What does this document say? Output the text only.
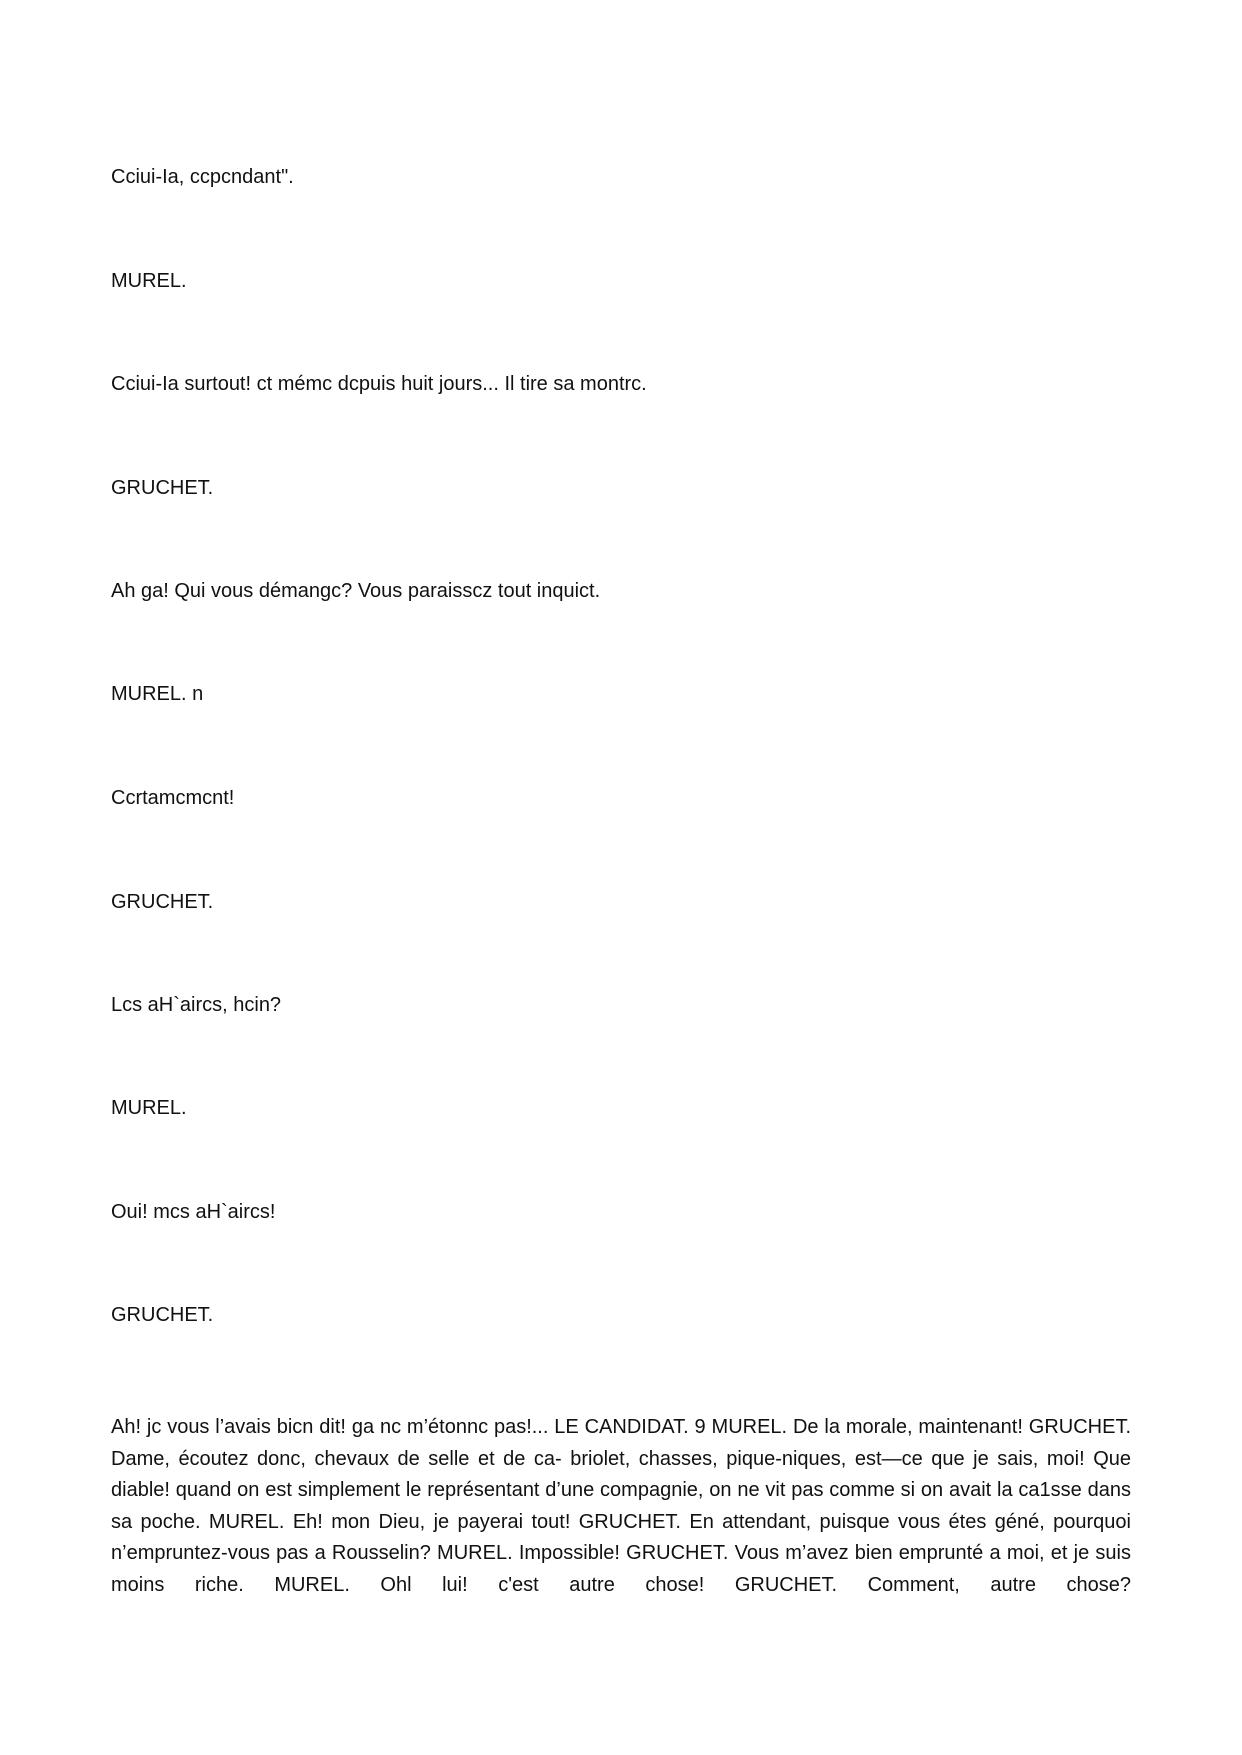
Cciui-Ia, ccpcndant".

MUREL.

Cciui-Ia surtout! ct mémc dcpuis huit jours... Il tire sa montrc.

GRUCHET.

Ah ga! Qui vous démangc? Vous paraisscz tout inquict.

MUREL. n

Ccrtamcmcnt!

GRUCHET.

Lcs aH`aircs, hcin?

MUREL.

Oui! mcs aH`aircs!

GRUCHET.

Ah! jc vous l’avais bicn dit! ga nc m’étonnc pas!... LE CANDIDAT. 9 MUREL. De la morale, maintenant! GRUCHET. Dame, écoutez donc, chevaux de selle et de ca- briolet, chasses, pique-niques, est—ce que je sais, moi! Que diable! quand on est simplement le représentant d’une compagnie, on ne vit pas comme si on avait la ca1sse dans sa poche. MUREL. Eh! mon Dieu, je payerai tout! GRUCHET. En attendant, puisque vous étes géné, pourquoi n’empruntez-vous pas a Rousselin? MUREL. Impossible! GRUCHET. Vous m’avez bien emprunté a moi, et je suis moins riche. MUREL. Ohl lui! c'est autre chose! GRUCHET. Comment, autre chose?
